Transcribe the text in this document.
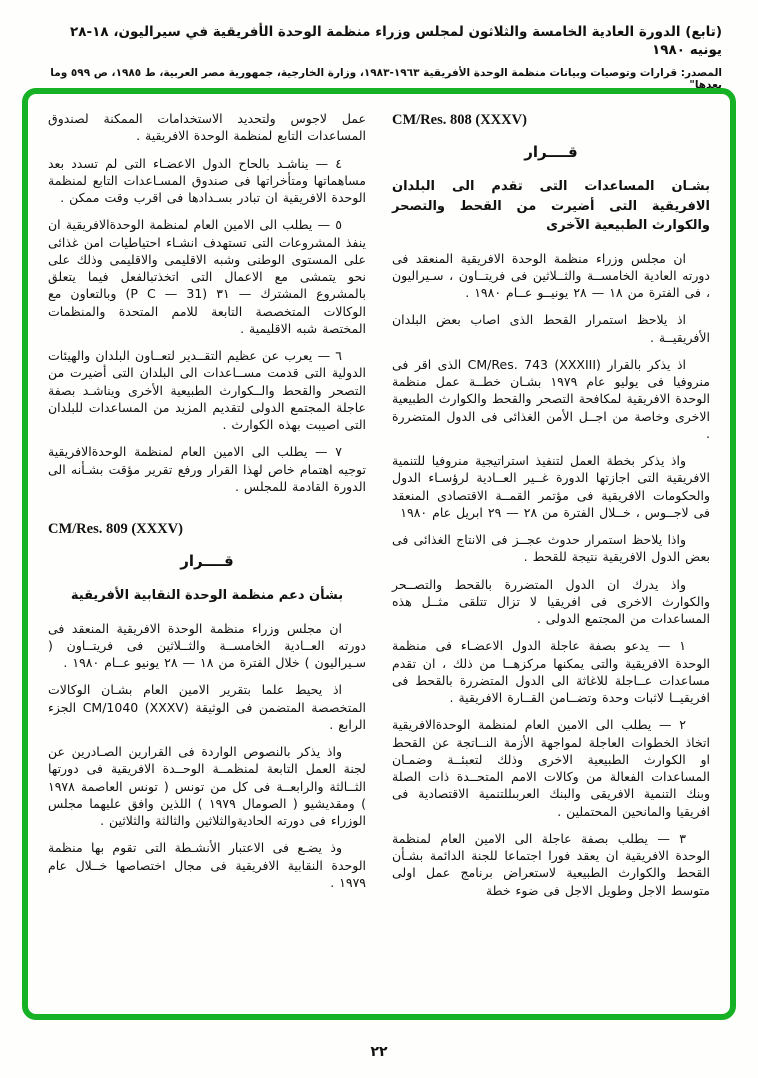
(تابع) الدورة العادية الخامسة والثلاثون لمجلس وزراء منظمة الوحدة الأفريقية في سيراليون، ١٨-٢٨ يونيه ١٩٨٠
المصدر: قرارات وتوصيات وبيانات منظمة الوحدة الأفريقية ١٩٦٣-١٩٨٣، وزارة الخارجية، جمهورية مصر العربية، ط ١٩٨٥، ص ٥٩٩ وما بعدها"
CM/Res. 808 (XXXV)
قــــرار
بشـان المساعدات التى تقدم الى البلدان الافريقية التى أضيرت من القحط والتصحر والكوارث الطبيعية الآخرى
ان مجلس وزراء منظمة الوحدة الافريقية المنعقد فى دورته العادية الخامســة والثــلاثين فى فريتــاون ، سـيراليون ، فى الفترة من ١٨ — ٢٨ يونيــو عــام ١٩٨٠ .
اذ يلاحظ استمرار القحط الذى اصاب بعض البلدان الأفريقيــة .
اذ يذكر بالقرار ‪CM/Res. 743 (XXXIII)‬ الذى اقر فى منروفيا فى يوليو عام ١٩٧٩ بشـان خطــة عمل منظمة الوحدة الافريقية لمكافحة التصحر والقحط والكوارث الطبيعية الاخرى وخاصة من اجــل الأمن الغذائى فى الدول المتضررة .
واذ يذكر بخطة العمل لتنفيذ استراتيجية منروفيا للتنمية الافريقية التى اجازتها الدورة غــير العــادية لرؤسـاء الدول والحكومات الافريقية فى مؤتمر القمــة الاقتصادى المنعقد فى لاجــوس ، خــلال الفترة من ٢٨ — ٢٩ ابريل عام ١٩٨٠
واذا يلاحظ استمرار حدوث عجــز فى الانتاج الغذائى فى بعض الدول الافريقية نتيجة للقحط .
واذ يدرك ان الدول المتضررة بالقحط والتصــحر والكوارث الاخرى فى افريقيا لا تزال تتلقى مثــل هذه المساعدات من المجتمع الدولى .
١ — يدعو بصفة عاجلة الدول الاعضـاء فى منظمة الوحدة الافريقية والتى يمكنها مركزهــا من ذلك ، ان تقدم مساعدات عــاجلة للاغاثة الى الدول المتضررة بالقحط فى افريقيــا لاثبات وحدة وتضــامن القــارة الافريقية .
٢ — يطلب الى الامين العام لمنظمة الوحدةالافريقية اتخاذ الخطوات العاجلة لمواجهة الأزمة النــاتجة عن القحط او الكوارث الطبيعية الاخرى وذلك لتعبئــة وضمـان المساعدات الفعالة من وكالات الامم المتحــدة ذات الصلة وبنك التنمية الافريقى والبنك العربىللتنمية الاقتصادية فى افريقيا والمانحين المحتملين .
٣ — يطلب بصفة عاجلة الى الامين العام لمنظمة الوحدة الافريقية ان يعقد فورا اجتماعا للجنة الدائمة بشـأن القحط والكوارث الطبيعية لاستعراض برنامج عمل اولى متوسط الاجل وطويل الاجل فى ضوء خطة
عمل لاجوس ولتحديد الاستخدامات الممكنة لصندوق المساعدات التابع لمنظمة الوحدة الافريقية .
٤ — يناشـد بالحاح الدول الاعضـاء التى لم تسدد بعد مساهماتها ومتأخراتها فى صندوق المسـاعدات التابع لمنظمة الوحدة الافريقية ان تبادر بسـدادها فى اقرب وقت ممكن .
٥ — يطلب الى الامين العام لمنظمة الوحدةالافريقية ان ينفذ المشروعات التى تستهدف انشـاء احتياطيات امن غذائى على المستوى الوطنى وشبه الاقليمى والاقليمى وذلك على نحو يتمشى مع الاعمال التى اتخذتبالفعل فيما يتعلق بالمشروع المشترك — ٣١ ‪(P C — 31)‬ وبالتعاون مع الوكالات المتخصصة التابعة للامم المتحدة والمنظمات المختصة شبه الاقليمية .
٦ — يعرب عن عظيم التقــدير لتعــاون البلدان والهيئات الدولية التى قدمت مســاعدات الى البلدان التى أضيرت من التصحر والقحط والــكوارث الطبيعية الأخرى ويناشـد بصفة عاجلة المجتمع الدولى لتقديم المزيد من المساعدات للبلدان التى اصيبت بهذه الكوارث .
٧ — يطلب الى الامين العام لمنظمة الوحدةالافريقية توجيه اهتمام خاص لهذا القرار ورفع تقرير مؤقت بشـأنه الى الدورة القادمة للمجلس .
CM/Res. 809 (XXXV)
قــــرار
بشأن دعم منظمة الوحدة النقابية الأفريقية
ان مجلس وزراء منظمة الوحدة الافريقية المنعقد فى دورته العــادية الخامســة والثــلاثين فى فريتــاون ( سـيراليون ) خلال الفترة من ١٨ — ٢٨ يونيو عــام ١٩٨٠ .
اذ يحيط علما بتقرير الامين العام بشـان الوكالات المتخصصة المتضمن فى الوثيقة ‪CM/1040 (XXXV)‬ الجزء الرابع .
واذ يذكر بالنصوص الواردة فى القرارين الصـادرين عن لجنة العمل التابعة لمنظمــة الوحــدة الافريقية فى دورتها الثــالثة والرابعــة فى كل من تونس ( تونس العاصمة ١٩٧٨ ) ومقديشيو ( الصومال ١٩٧٩ ) اللذين وافق عليهما مجلس الوزراء فى دورته الحاديةوالثلاثين والثالثة والثلاثين .
وذ يضـع فى الاعتبار الأنشـطة التى تقوم بها منظمة الوحدة النقابية الافريقية فى مجال اختصاصها خــلال عام ١٩٧٩ .
٢٢
